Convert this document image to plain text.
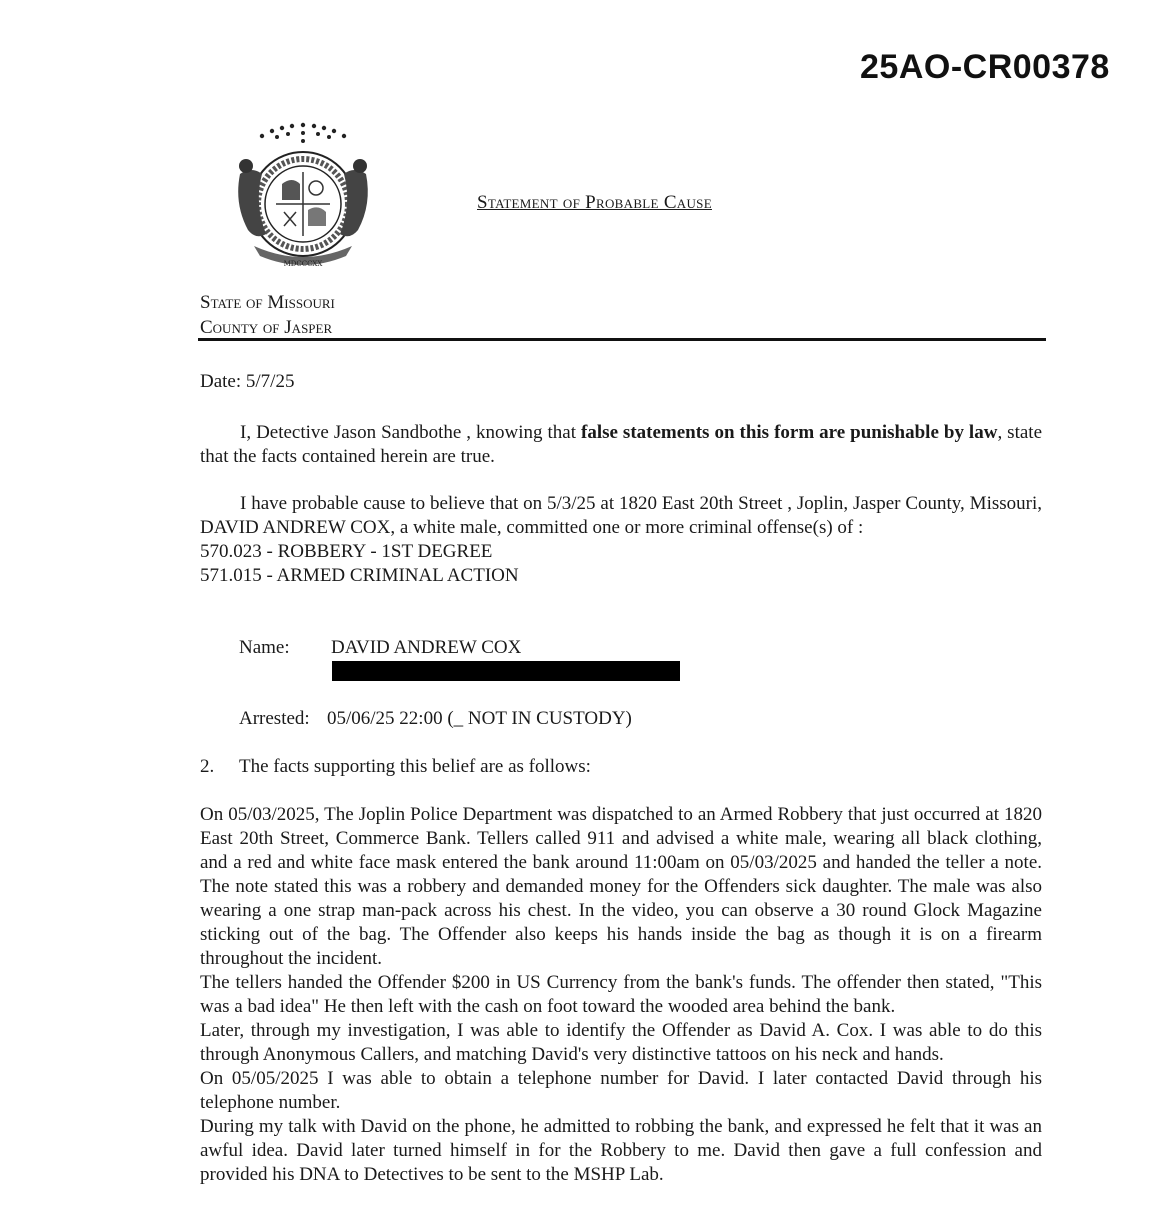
25AO-CR00378
MDCCCXX
Statement of Probable Cause
State of Missouri
County of Jasper
Date: 5/7/25
I, Detective Jason Sandbothe , knowing that false statements on this form are punishable by law, state that the facts contained herein are true.
I have probable cause to believe that on 5/3/25 at 1820 East 20th Street , Joplin, Jasper County, Missouri, DAVID ANDREW COX, a white male, committed one or more criminal offense(s) of :
570.023 - ROBBERY - 1ST DEGREE
571.015 - ARMED CRIMINAL ACTION
Name: DAVID ANDREW COX
Arrested: 05/06/25 22:00 (_ NOT IN CUSTODY)
2. The facts supporting this belief are as follows:
On 05/03/2025, The Joplin Police Department was dispatched to an Armed Robbery that just occurred at 1820 East 20th Street, Commerce Bank. Tellers called 911 and advised a white male, wearing all black clothing, and a red and white face mask entered the bank around 11:00am on 05/03/2025 and handed the teller a note. The note stated this was a robbery and demanded money for the Offenders sick daughter. The male was also wearing a one strap man-pack across his chest. In the video, you can observe a 30 round Glock Magazine sticking out of the bag. The Offender also keeps his hands inside the bag as though it is on a firearm throughout the incident.
The tellers handed the Offender $200 in US Currency from the bank's funds. The offender then stated, "This was a bad idea" He then left with the cash on foot toward the wooded area behind the bank.
Later, through my investigation, I was able to identify the Offender as David A. Cox. I was able to do this through Anonymous Callers, and matching David's very distinctive tattoos on his neck and hands.
On 05/05/2025 I was able to obtain a telephone number for David. I later contacted David through his telephone number.
During my talk with David on the phone, he admitted to robbing the bank, and expressed he felt that it was an awful idea. David later turned himself in for the Robbery to me. David then gave a full confession and provided his DNA to Detectives to be sent to the MSHP Lab.
